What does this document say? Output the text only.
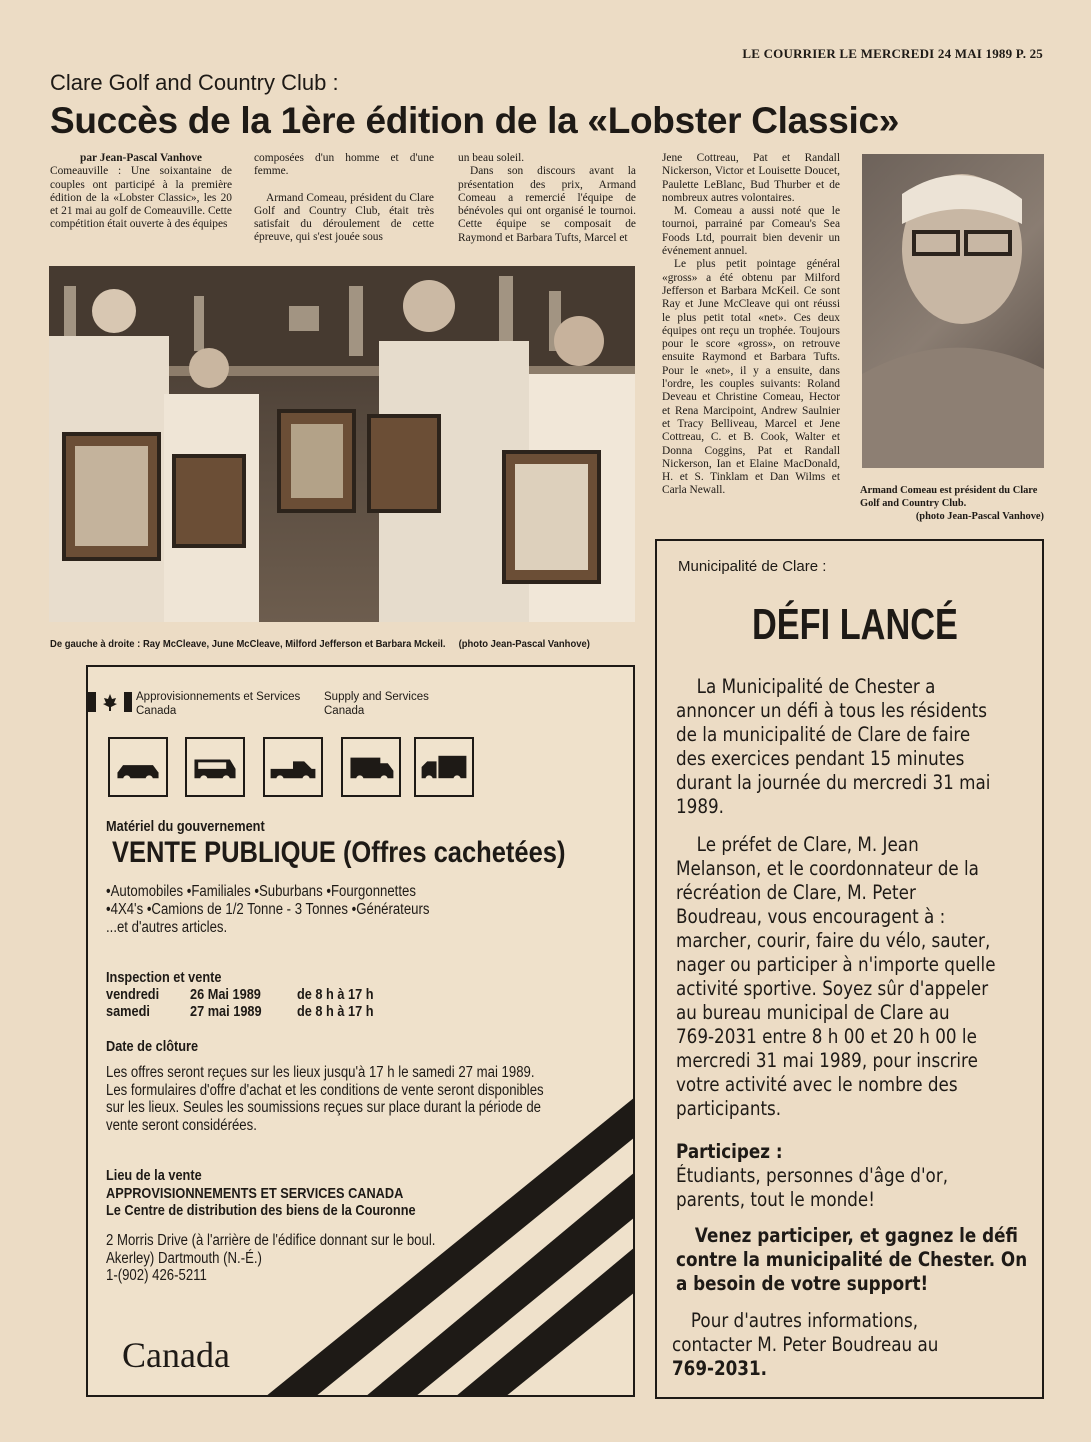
LE COURRIER LE MERCREDI 24 MAI 1989 P. 25
Clare Golf and Country Club :
Succès de la 1ère édition de la «Lobster Classic»
par Jean-Pascal Vanhove

Comeauville : Une soixantaine de couples ont participé à la première édition de la «Lobster Classic», les 20 et 21 mai au golf de Comeauville. Cette compétition était ouverte à des équipes

composées d'un homme et d'une femme.

Armand Comeau, président du Clare Golf and Country Club, était très satisfait du déroulement de cette épreuve, qui s'est jouée sous

un beau soleil.

Dans son discours avant la présentation des prix, Armand Comeau a remercié l'équipe de bénévoles qui ont organisé le tournoi. Cette équipe se composait de Raymond et Barbara Tufts, Marcel et

Jene Cottreau, Pat et Randall Nickerson, Victor et Louisette Doucet, Paulette LeBlanc, Bud Thurber et de nombreux autres volontaires.

M. Comeau a aussi noté que le tournoi, parrainé par Comeau's Sea Foods Ltd, pourrait bien devenir un événement annuel.

Le plus petit pointage général «gross» a été obtenu par Milford Jefferson et Barbara McKeil. Ce sont Ray et June McCleave qui ont réussi le plus petit total «net». Ces deux équipes ont reçu un trophée. Toujours pour le score «gross», on retrouve ensuite Raymond et Barbara Tufts. Pour le «net», il y a ensuite, dans l'ordre, les couples suivants: Roland Deveau et Christine Comeau, Hector et Rena Marcipoint, Andrew Saulnier et Tracy Belliveau, Marcel et Jene Cottreau, C. et B. Cook, Walter et Donna Coggins, Pat et Randall Nickerson, Ian et Elaine MacDonald, H. et S. Tinklam et Dan Wilms et Carla Newall.

De gauche à droite : Ray McCleave, June McCleave, Milford Jefferson et Barbara Mckeil. (photo Jean-Pascal Vanhove)
Armand Comeau est président du Clare Golf and Country Club.
(photo Jean-Pascal Vanhove)
Approvisionnements et Services
Canada
Supply and Services
Canada
Matériel du gouvernement
VENTE PUBLIQUE (Offres cachetées)
•Automobiles •Familiales •Suburbans •Fourgonnettes
•4X4's •Camions de 1/2 Tonne - 3 Tonnes •Générateurs
...et d'autres articles.
Inspection et vente
vendredi
samedi
26 Mai 1989
27 mai 1989
de 8 h à 17 h
de 8 h à 17 h
Date de clôture
Les offres seront reçues sur les lieux jusqu'à 17 h le samedi 27 mai 1989.
Les formulaires d'offre d'achat et les conditions de vente seront disponibles
sur les lieux. Seules les soumissions reçues sur place durant la période de
vente seront considérées.
Lieu de la vente
APPROVISIONNEMENTS ET SERVICES CANADA
Le Centre de distribution des biens de la Couronne
2 Morris Drive (à l'arrière de l'édifice donnant sur le boul.
Akerley) Dartmouth (N.-É.)
1-(902) 426-5211
Canada
Municipalité de Clare :
DÉFI LANCÉ
La Municipalité de Chester a
annoncer un défi à tous les résidents
de la municipalité de Clare de faire
des exercices pendant 15 minutes
durant la journée du mercredi 31 mai
1989.
Le préfet de Clare, M. Jean
Melanson, et le coordonnateur de la
récréation de Clare, M. Peter
Boudreau, vous encouragent à :
marcher, courir, faire du vélo, sauter,
nager ou participer à n'importe quelle
activité sportive. Soyez sûr d'appeler
au bureau municipal de Clare au
769-2031 entre 8 h 00 et 20 h 00 le
mercredi 31 mai 1989, pour inscrire
votre activité avec le nombre des
participants.
Participez :
Étudiants, personnes d'âge d'or,
parents, tout le monde!
Venez participer, et gagnez le défi
contre la municipalité de Chester. On
a besoin de votre support!
Pour d'autres informations,
contacter M. Peter Boudreau au
769-2031.
